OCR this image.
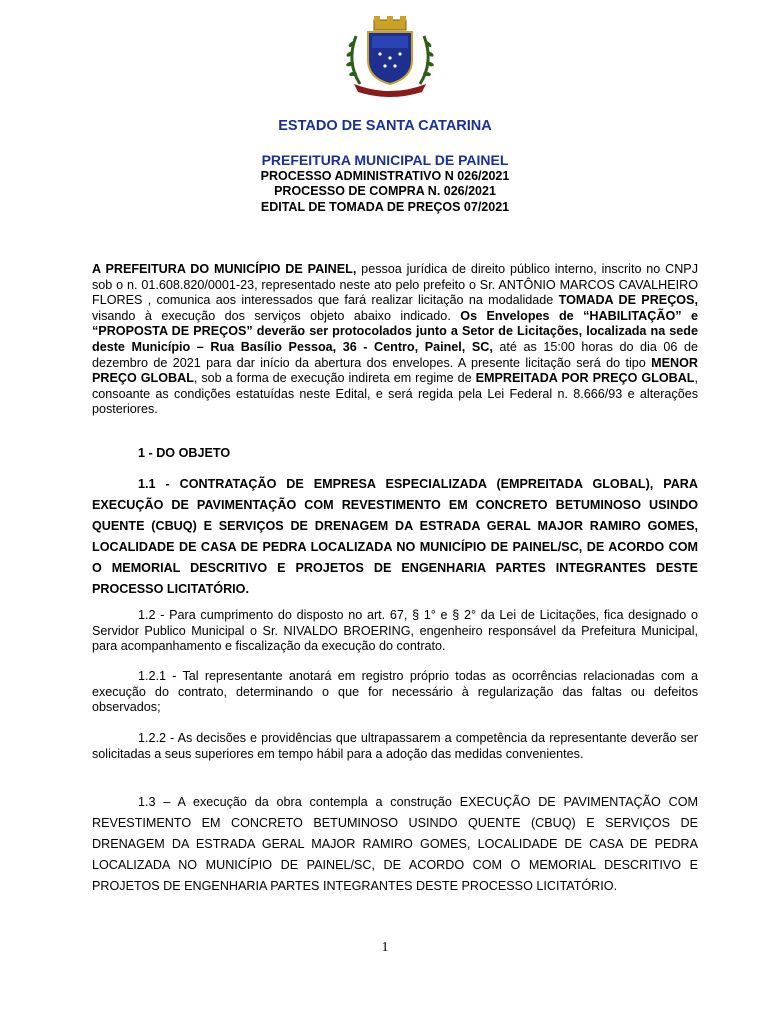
ESTADO DE SANTA CATARINA
PREFEITURA MUNICIPAL DE PAINEL
PROCESSO ADMINISTRATIVO N 026/2021
PROCESSO DE COMPRA N. 026/2021
EDITAL DE TOMADA DE PREÇOS 07/2021
A PREFEITURA DO MUNICÍPIO DE PAINEL, pessoa jurídica de direito público interno, inscrito no CNPJ sob o n. 01.608.820/0001-23, representado neste ato pelo prefeito o Sr. ANTÔNIO MARCOS CAVALHEIRO FLORES , comunica aos interessados que fará realizar licitação na modalidade TOMADA DE PREÇOS, visando à execução dos serviços objeto abaixo indicado. Os Envelopes de “HABILITAÇÃO” e “PROPOSTA DE PREÇOS” deverão ser protocolados junto a Setor de Licitações, localizada na sede deste Município – Rua Basílio Pessoa, 36 - Centro, Painel, SC, até as 15:00 horas do dia 06 de dezembro de 2021 para dar início da abertura dos envelopes. A presente licitação será do tipo MENOR PREÇO GLOBAL, sob a forma de execução indireta em regime de EMPREITADA POR PREÇO GLOBAL, consoante as condições estatuídas neste Edital, e será regida pela Lei Federal n. 8.666/93 e alterações posteriores.
1 - DO OBJETO
1.1 - CONTRATAÇÃO DE EMPRESA ESPECIALIZADA (EMPREITADA GLOBAL), PARA EXECUÇÃO DE PAVIMENTAÇÃO COM REVESTIMENTO EM CONCRETO BETUMINOSO USINDO QUENTE (CBUQ) E SERVIÇOS DE DRENAGEM DA ESTRADA GERAL MAJOR RAMIRO GOMES, LOCALIDADE DE CASA DE PEDRA LOCALIZADA NO MUNICÍPIO DE PAINEL/SC, DE ACORDO COM O MEMORIAL DESCRITIVO E PROJETOS DE ENGENHARIA PARTES INTEGRANTES DESTE PROCESSO LICITATÓRIO.
1.2 - Para cumprimento do disposto no art. 67, § 1° e § 2° da Lei de Licitações, fica designado o Servidor Publico Municipal o Sr. NIVALDO BROERING, engenheiro responsável da Prefeitura Municipal, para acompanhamento e fiscalização da execução do contrato.
1.2.1 - Tal representante anotará em registro próprio todas as ocorrências relacionadas com a execução do contrato, determinando o que for necessário à regularização das faltas ou defeitos observados;
1.2.2 - As decisões e providências que ultrapassarem a competência da representante deverão ser solicitadas a seus superiores em tempo hábil para a adoção das medidas convenientes.
1.3 – A execução da obra contempla a construção EXECUÇÃO DE PAVIMENTAÇÃO COM REVESTIMENTO EM CONCRETO BETUMINOSO USINDO QUENTE (CBUQ) E SERVIÇOS DE DRENAGEM DA ESTRADA GERAL MAJOR RAMIRO GOMES, LOCALIDADE DE CASA DE PEDRA LOCALIZADA NO MUNICÍPIO DE PAINEL/SC, DE ACORDO COM O MEMORIAL DESCRITIVO E PROJETOS DE ENGENHARIA PARTES INTEGRANTES DESTE PROCESSO LICITATÓRIO.
1
